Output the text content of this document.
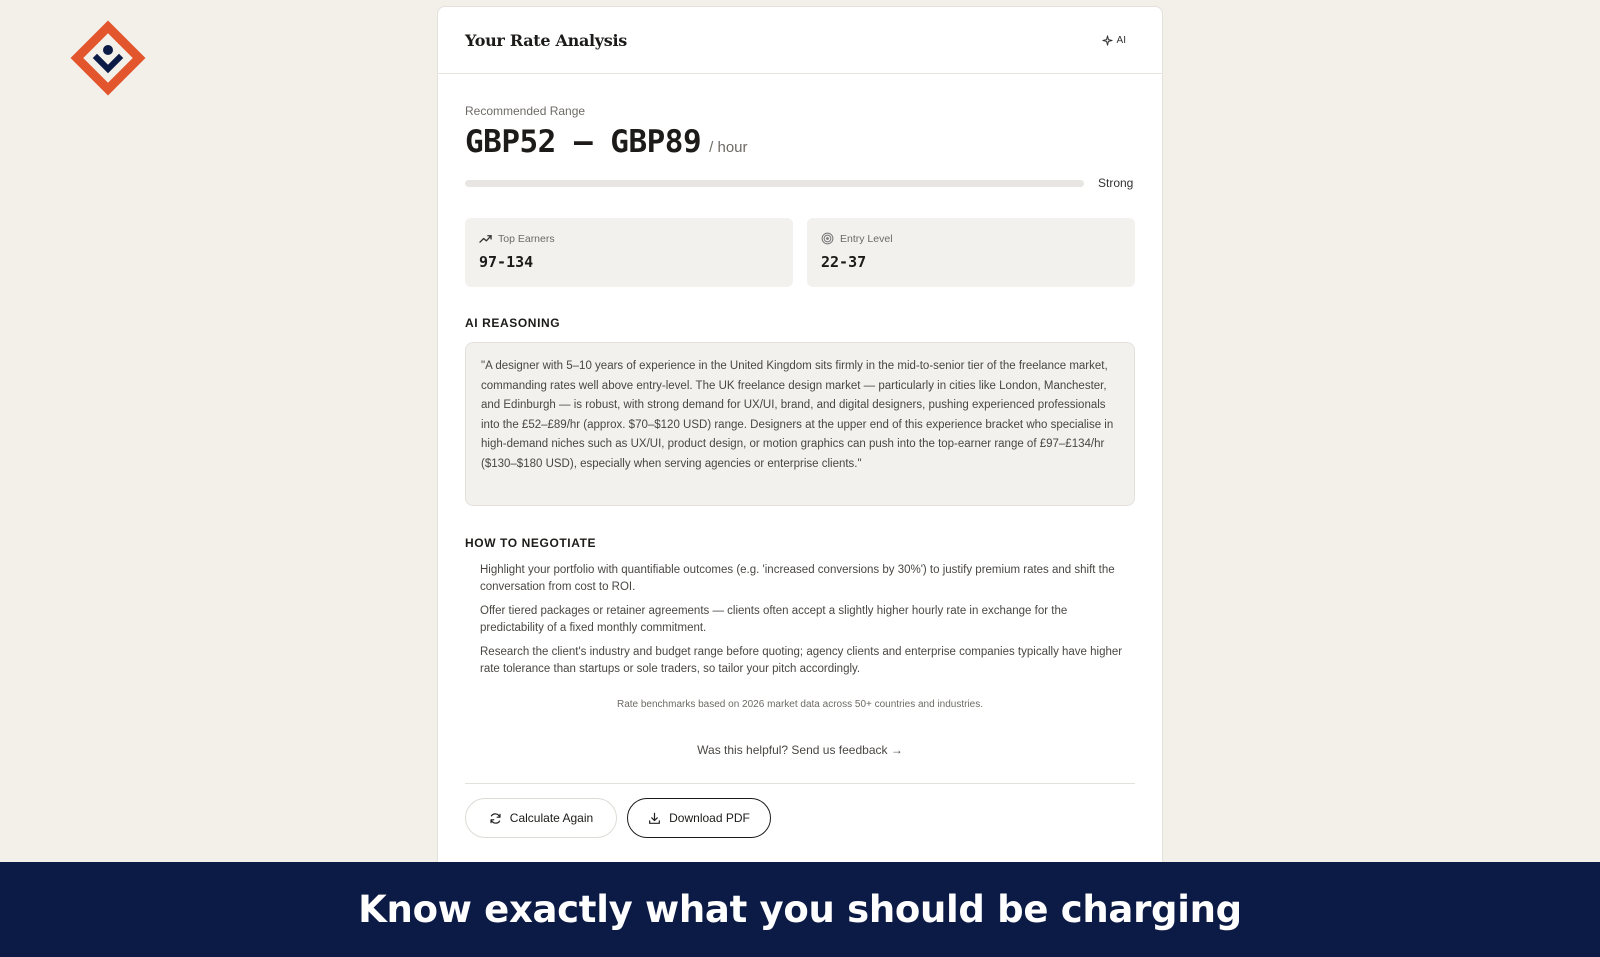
Your Rate Analysis	AI
Recommended Range
GBP52 — GBP89 / hour
Strong
Top Earners
97-134
Entry Level
22-37
AI REASONING
"A designer with 5–10 years of experience in the United Kingdom sits firmly in the mid-to-senior tier of the freelance market, commanding rates well above entry-level. The UK freelance design market — particularly in cities like London, Manchester, and Edinburgh — is robust, with strong demand for UX/UI, brand, and digital designers, pushing experienced professionals into the £52–£89/hr (approx. $70–$120 USD) range. Designers at the upper end of this experience bracket who specialise in high-demand niches such as UX/UI, product design, or motion graphics can push into the top-earner range of £97–£134/hr ($130–$180 USD), especially when serving agencies or enterprise clients."
HOW TO NEGOTIATE
Highlight your portfolio with quantifiable outcomes (e.g. 'increased conversions by 30%') to justify premium rates and shift the conversation from cost to ROI.
Offer tiered packages or retainer agreements — clients often accept a slightly higher hourly rate in exchange for the predictability of a fixed monthly commitment.
Research the client's industry and budget range before quoting; agency clients and enterprise companies typically have higher rate tolerance than startups or sole traders, so tailor your pitch accordingly.
Rate benchmarks based on 2026 market data across 50+ countries and industries.
Was this helpful? Send us feedback →
Calculate Again	Download PDF
Know exactly what you should be charging
